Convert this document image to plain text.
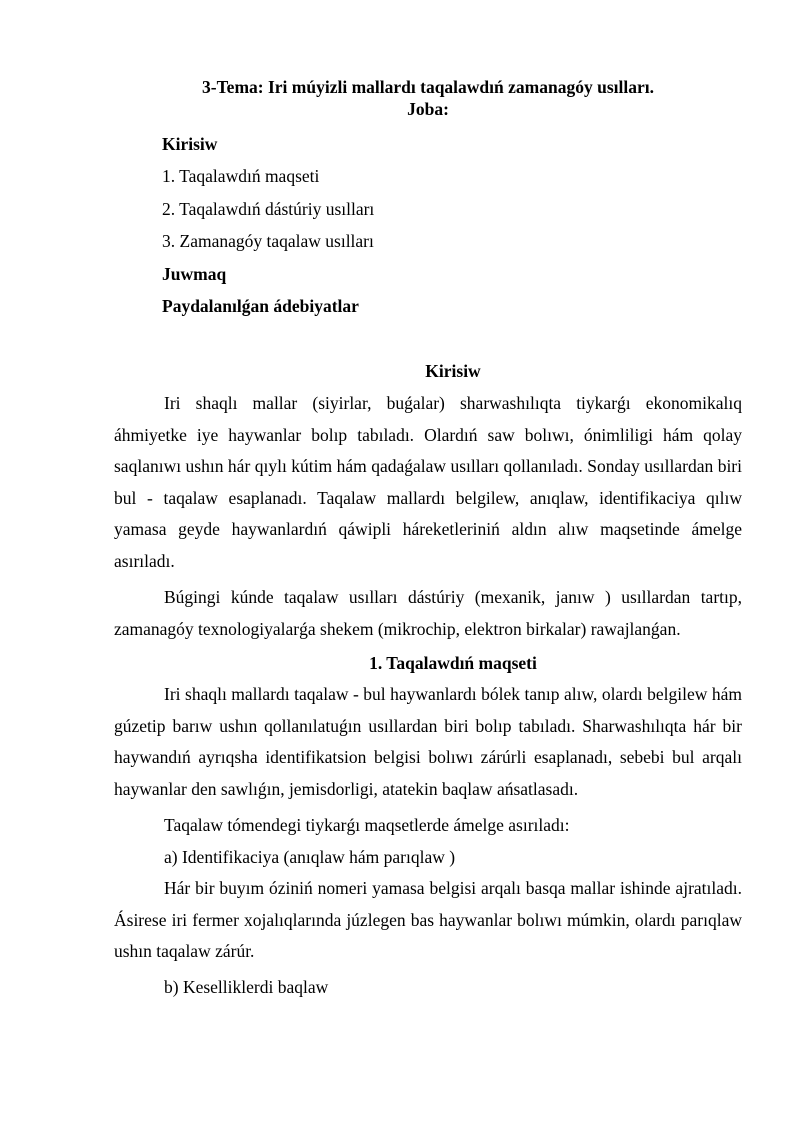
3-Tema: Iri múyizli mallardı taqalawdıń zamanagóy usılları.
Joba:
Kirisiw
1. Taqalawdıń maqseti
2. Taqalawdıń dástúriy usılları
3. Zamanagóy taqalaw usılları
Juwmaq
Paydalanılǵan ádebiyatlar
Kirisiw

Iri shaqlı mallar (siyirlar, buǵalar) sharwashılıqta tiykarǵı ekonomikalıq áhmiyetke iye haywanlar bolıp tabıladı. Olardıń saw bolıwı, ónimliligi hám qolay saqlanıwı ushın hár qıylı kútim hám qadaǵalaw usılları qollanıladı. Sonday usıllardan biri bul - taqalaw esaplanadı. Taqalaw mallardı belgilew, anıqlaw, identifikaciya qılıw yamasa geyde haywanlardıń qáwipli háreketleriniń aldın alıw maqsetinde ámelge asırıladı.

Búgingi kúnde taqalaw usılları dástúriy (mexanik, janıw ) usıllardan tartıp, zamanagóy texnologiyalarǵa shekem (mikrochip, elektron birkalar) rawajlanǵan.

1. Taqalawdıń maqseti

Iri shaqlı mallardı taqalaw - bul haywanlardı bólek tanıp alıw, olardı belgilew hám gúzetip barıw ushın qollanılatuǵın usıllardan biri bolıp tabıladı. Sharwashılıqta hár bir haywandıń ayrıqsha identifikatsion belgisi bolıwı zárúrli esaplanadı, sebebi bul arqalı haywanlar den sawlıǵın, jemisdorligi, atatekin baqlaw ańsatlasadı.

Taqalaw tómendegi tiykarǵı maqsetlerde ámelge asırıladı:
a) Identifikaciya (anıqlaw hám parıqlaw )

Hár bir buyım óziniń nomeri yamasa belgisi arqalı basqa mallar ishinde ajratıladı. Ásirese iri fermer xojalıqlarında júzlegen bas haywanlar bolıwı múmkin, olardı parıqlaw ushın taqalaw zárúr.

b) Keselliklerdi baqlaw
